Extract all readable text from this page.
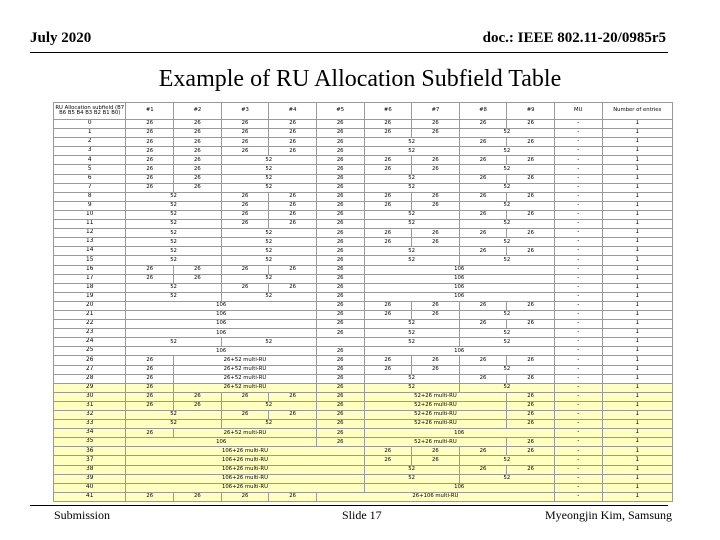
July 2020	doc.: IEEE 802.11-20/0985r5
Example of RU Allocation Subfield Table
RU Allocation subfield (B7 B6 B5 B4 B3 B2 B1 B0)	#1	#2	#3	#4	#5	#6	#7	#8	#9	MU	Number of entries
0	26	26	26	26	26	26	26	26	26	-	1
1	26	26	26	26	26	26	26	52		-	1
2	26	26	26	26	26	52		26	26	-	1
3	26	26	26	26	26	52		52		-	1
4	26	26	52		26	26	26	26	26	-	1
5	26	26	52		26	26	26	52		-	1
6	26	26	52		26	52		26	26	-	1
7	26	26	52		26	52		52		-	1
8	52		26	26	26	26	26	26	26	-	1
9	52		26	26	26	26	26	52		-	1
10	52		26	26	26	52		26	26	-	1
11	52		26	26	26	52		52		-	1
12	52		52		26	26	26	26	26	-	1
13	52		52		26	26	26	52		-	1
14	52		52		26	52		26	26	-	1
15	52		52		26	52		52		-	1
16	26	26	26	26	26	106				-	1
17	26	26	52		26	106				-	1
18	52		26	26	26	106				-	1
19	52		52		26	106				-	1
20	106				26	26	26	26	26	-	1
21	106				26	26	26	52		-	1
22	106				26	52		26	26	-	1
23	106				26	52		52		-	1
24	52		52			52		52		-	1
25	106				26	106				-	1
26	26	26+52 multi-RU			26	26	26	26	26	-	1
27	26	26+52 multi-RU			26	26	26	52		-	1
28	26	26+52 multi-RU			26	52		26	26	-	1
29	26	26+52 multi-RU			26	52		52		-	1
30	26	26	26	26	26	52+26 multi-RU			26	-	1
31	26	26	52		26	52+26 multi-RU			26	-	1
32	52		26	26	26	52+26 multi-RU			26	-	1
33	52		52		26	52+26 multi-RU			26	-	1
34	26	26+52 multi-RU			26	106				-	1
35	106				26	52+26 multi-RU			26	-	1
36	106+26 multi-RU					26	26	26	26	-	1
37	106+26 multi-RU					26	26	52		-	1
38	106+26 multi-RU					52		26	26	-	1
39	106+26 multi-RU					52		52		-	1
40	106+26 multi-RU					106				-	1
41	26	26	26	26	26+106 multi-RU					-	1
Submission	Slide 17	Myeongjin Kim, Samsung
